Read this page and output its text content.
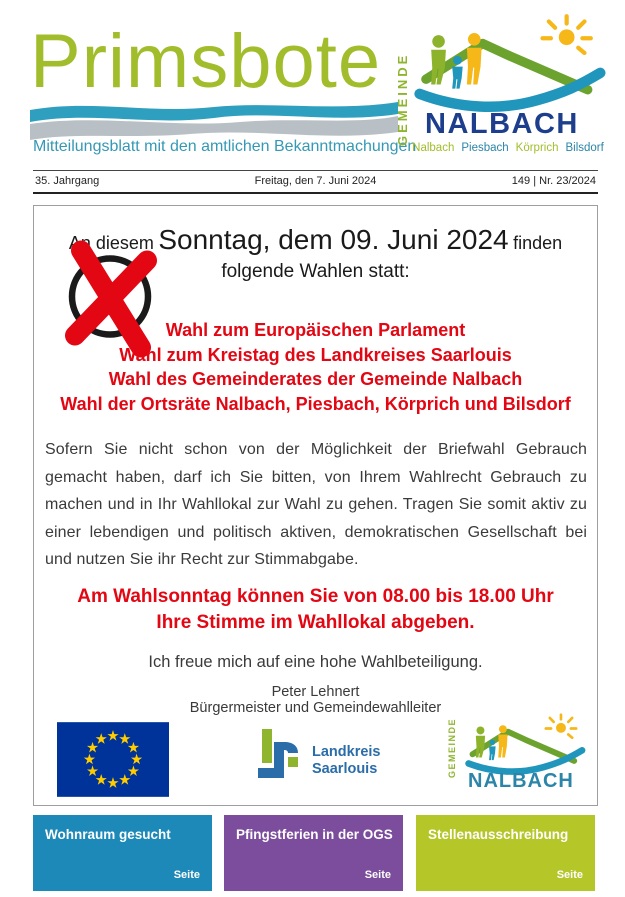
Primsbote
Mitteilungsblatt mit den amtlichen Bekanntmachungen
GEMEINDE NALBACH
Nalbach Piesbach Körprich Bilsdorf
35. Jahrgang	Freitag, den 7. Juni 2024	149 | Nr. 23/2024
An diesem Sonntag, dem 09. Juni 2024 finden
folgende Wahlen statt:
Wahl zum Europäischen Parlament
Wahl zum Kreistag des Landkreises Saarlouis
Wahl des Gemeinderates der Gemeinde Nalbach
Wahl der Ortsräte Nalbach, Piesbach, Körprich und Bilsdorf
Sofern Sie nicht schon von der Möglichkeit der Briefwahl Gebrauch gemacht haben, darf ich Sie bitten, von Ihrem Wahlrecht Gebrauch zu machen und in Ihr Wahllokal zur Wahl zu gehen. Tragen Sie somit aktiv zu einer lebendigen und politisch aktiven, demokratischen Gesellschaft bei und nutzen Sie ihr Recht zur Stimmabgabe.
Am Wahlsonntag können Sie von 08.00 bis 18.00 Uhr
Ihre Stimme im Wahllokal abgeben.
Ich freue mich auf eine hohe Wahlbeteiligung.
Peter Lehnert
Bürgermeister und Gemeindewahlleiter
Landkreis
Saarlouis	GEMEINDE
NALBACH
Wohnraum gesucht
Seite
Pfingstferien in der OGS
Seite
Stellenausschreibung
Seite
